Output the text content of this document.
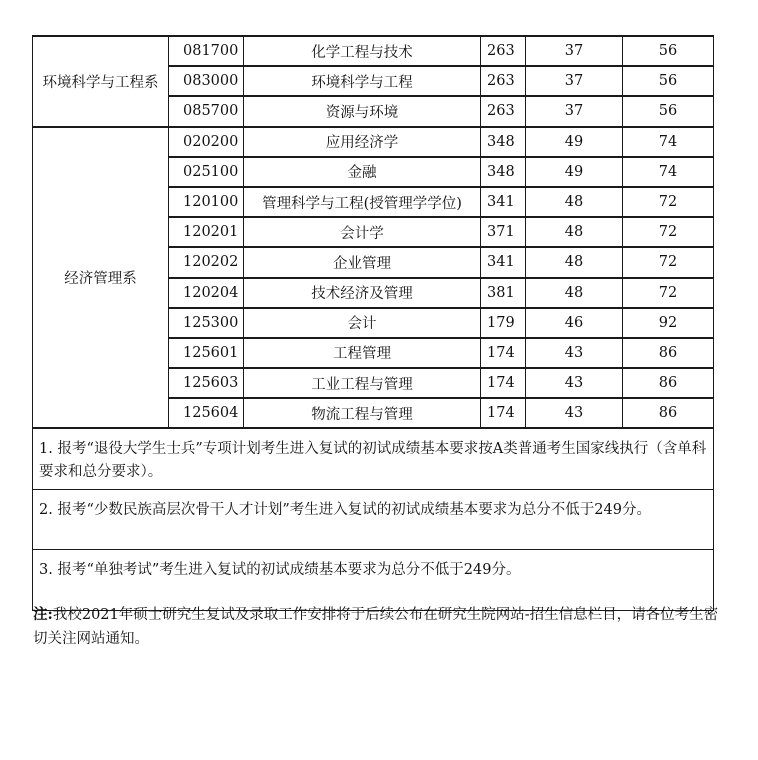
环境科学与工程系	081700	化学工程与技术	263	37	56
	083000	环境科学与工程	263	37	56
	085700	资源与环境	263	37	56
经济管理系	020200	应用经济学	348	49	74
	025100	金融	348	49	74
	120100	管理科学与工程(授管理学学位)	341	48	72
	120201	会计学	371	48	72
	120202	企业管理	341	48	72
	120204	技术经济及管理	381	48	72
	125300	会计	179	46	92
	125601	工程管理	174	43	86
	125603	工业工程与管理	174	43	86
	125604	物流工程与管理	174	43	86
1. 报考“退役大学生士兵”专项计划考生进入复试的初试成绩基本要求按A类普通考生国家线执行（含单科要求和总分要求）。					
2. 报考“少数民族高层次骨干人才计划”考生进入复试的初试成绩基本要求为总分不低于249分。					
3. 报考“单独考试”考生进入复试的初试成绩基本要求为总分不低于249分。					
注:我校2021年硕士研究生复试及录取工作安排将于后续公布在研究生院网站-招生信息栏目，请各位考生密切关注网站通知。
